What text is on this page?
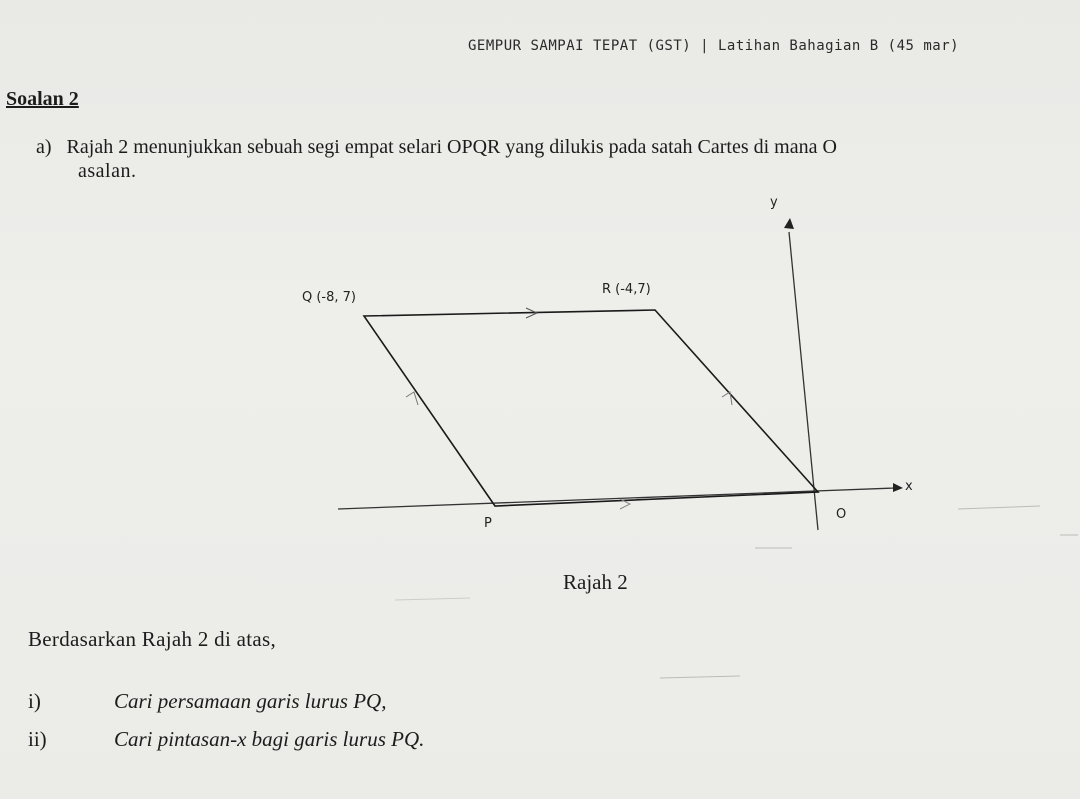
GEMPUR SAMPAI TEPAT (GST) | Latihan Bahagian B (45 mar)
Soalan 2
a) Rajah 2 menunjukkan sebuah segi empat selari OPQR yang dilukis pada satah Cartes di mana O
asalan.
Q (-8, 7)
R (-4,7)
P
O
y
x
Rajah 2
Berdasarkan Rajah 2 di atas,
i)	Cari persamaan garis lurus PQ,
ii)	Cari pintasan-x bagi garis lurus PQ.
